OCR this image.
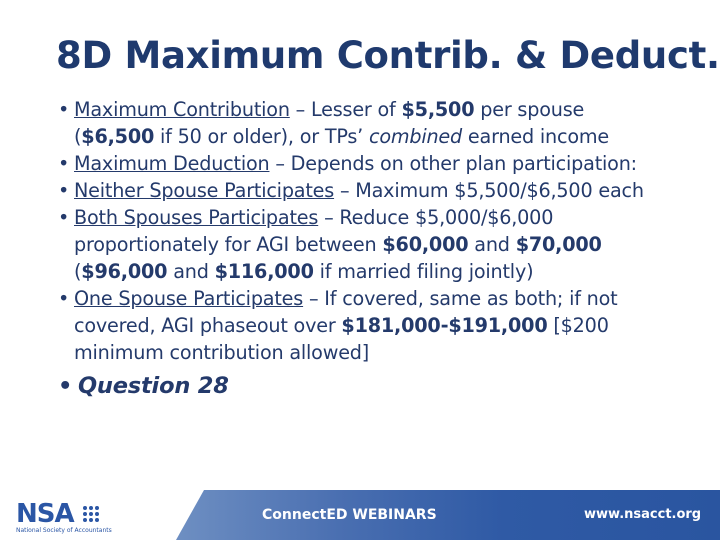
8D Maximum Contrib. & Deduct.
• Maximum Contribution – Lesser of $5,500 per spouse
($6,500 if 50 or older), or TPs’ combined earned income
• Maximum Deduction – Depends on other plan participation:
• Neither Spouse Participates – Maximum $5,500/$6,500 each
• Both Spouses Participates – Reduce $5,000/$6,000
proportionately for AGI between $60,000 and $70,000
($96,000 and $116,000 if married filing jointly)
• One Spouse Participates – If covered, same as both; if not
covered, AGI phaseout over $181,000-$191,000 [$200
minimum contribution allowed]
• Question 28
NSA
National Society of Accountants
ConnectED WEBINARS	www.nsacct.org
